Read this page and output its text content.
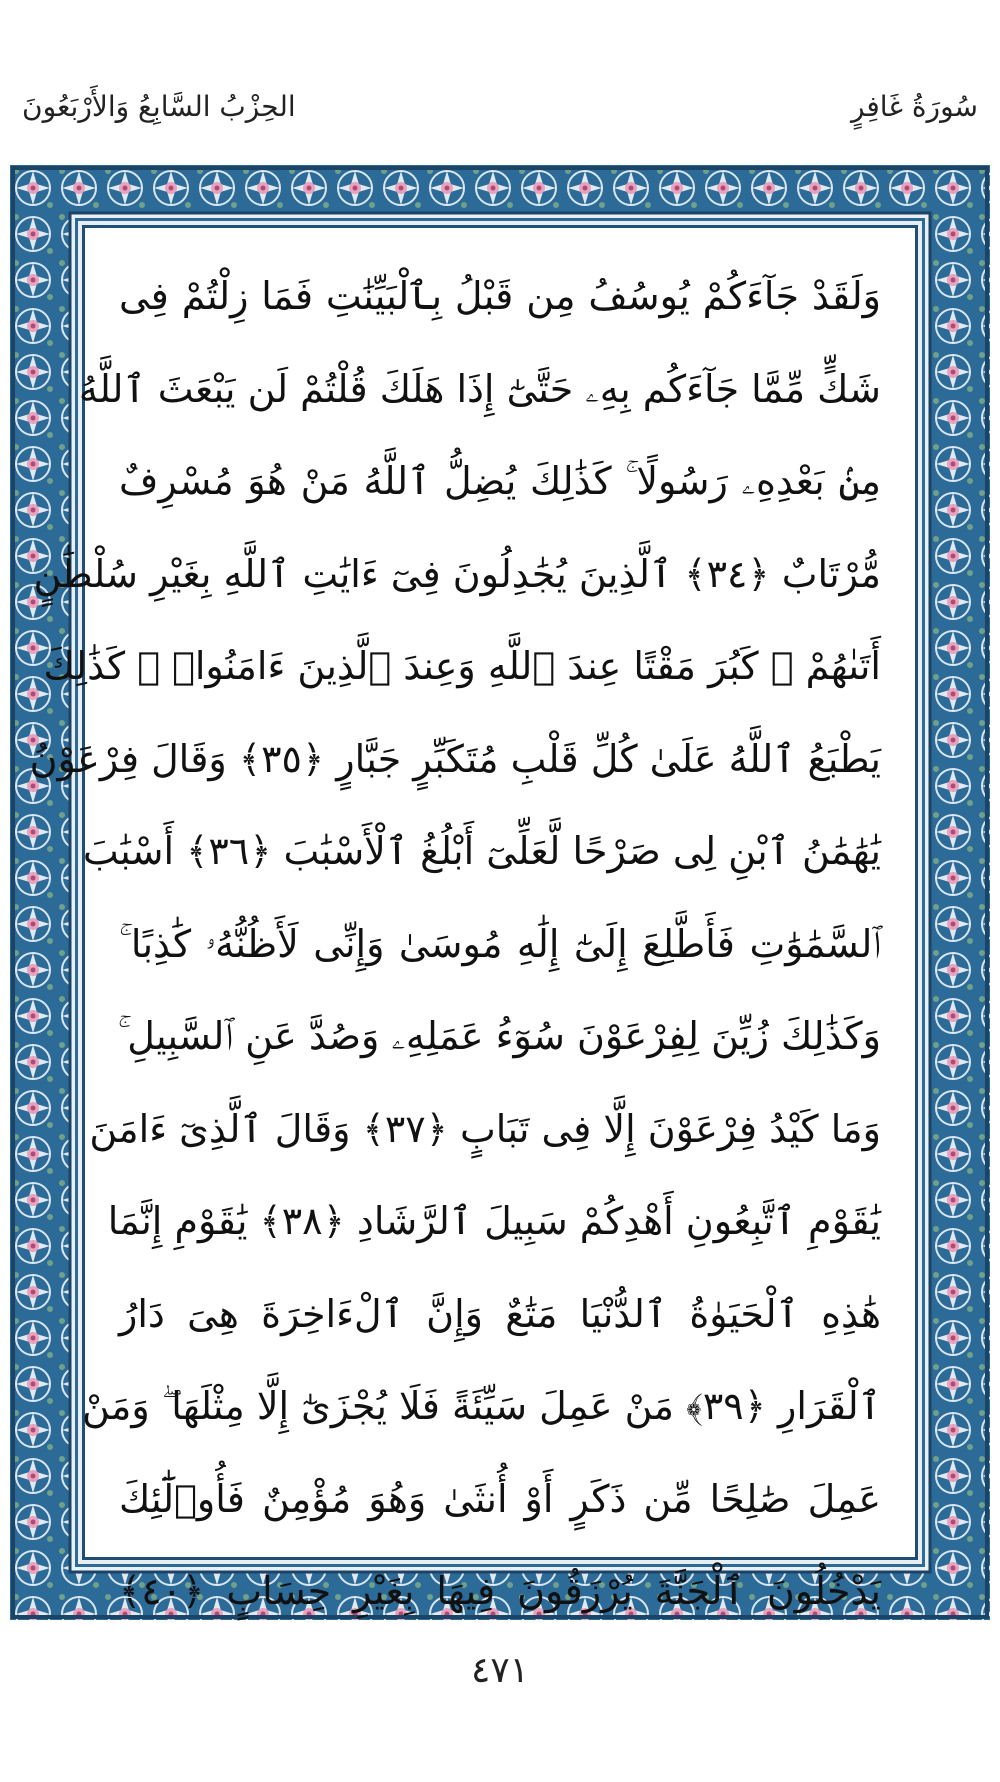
الحِزْبُ السَّابِعُ وَالأَرْبَعُونَ	سُورَةُ غَافِرٍ
وَلَقَدْ جَآءَكُمْ يُوسُفُ مِن قَبْلُ بِٱلْبَيِّنَٰتِ فَمَا زِلْتُمْ فِى
شَكٍّ مِّمَّا جَآءَكُم بِهِۦ حَتَّىٰٓ إِذَا هَلَكَ قُلْتُمْ لَن يَبْعَثَ ٱللَّهُ
مِنۢ بَعْدِهِۦ رَسُولًا ۚ كَذَٰلِكَ يُضِلُّ ٱللَّهُ مَنْ هُوَ مُسْرِفٌ
مُّرْتَابٌ ﴿٣٤﴾ ٱلَّذِينَ يُجَٰدِلُونَ فِىٓ ءَايَٰتِ ٱللَّهِ بِغَيْرِ سُلْطَٰنٍ
أَتَىٰهُمْ ۖ كَبُرَ مَقْتًا عِندَ ٱللَّهِ وَعِندَ ٱلَّذِينَ ءَامَنُوا۟ ۚ كَذَٰلِكَ
يَطْبَعُ ٱللَّهُ عَلَىٰ كُلِّ قَلْبِ مُتَكَبِّرٍ جَبَّارٍ ﴿٣٥﴾ وَقَالَ فِرْعَوْنُ
يَٰهَٰمَٰنُ ٱبْنِ لِى صَرْحًا لَّعَلِّىٓ أَبْلُغُ ٱلْأَسْبَٰبَ ﴿٣٦﴾ أَسْبَٰبَ
ٱلسَّمَٰوَٰتِ فَأَطَّلِعَ إِلَىٰٓ إِلَٰهِ مُوسَىٰ وَإِنِّى لَأَظُنُّهُۥ كَٰذِبًا ۚ
وَكَذَٰلِكَ زُيِّنَ لِفِرْعَوْنَ سُوٓءُ عَمَلِهِۦ وَصُدَّ عَنِ ٱلسَّبِيلِ ۚ
وَمَا كَيْدُ فِرْعَوْنَ إِلَّا فِى تَبَابٍ ﴿٣٧﴾ وَقَالَ ٱلَّذِىٓ ءَامَنَ
يَٰقَوْمِ ٱتَّبِعُونِ أَهْدِكُمْ سَبِيلَ ٱلرَّشَادِ ﴿٣٨﴾ يَٰقَوْمِ إِنَّمَا
هَٰذِهِ ٱلْحَيَوٰةُ ٱلدُّنْيَا مَتَٰعٌ وَإِنَّ ٱلْءَاخِرَةَ هِىَ دَارُ
ٱلْقَرَارِ ﴿٣٩﴾ مَنْ عَمِلَ سَيِّئَةً فَلَا يُجْزَىٰٓ إِلَّا مِثْلَهَا ۖ وَمَنْ
عَمِلَ صَٰلِحًا مِّن ذَكَرٍ أَوْ أُنثَىٰ وَهُوَ مُؤْمِنٌ فَأُو۟لَٰٓئِكَ
يَدْخُلُونَ ٱلْجَنَّةَ يُرْزَقُونَ فِيهَا بِغَيْرِ حِسَابٍ ﴿٤٠﴾
٤٧١
